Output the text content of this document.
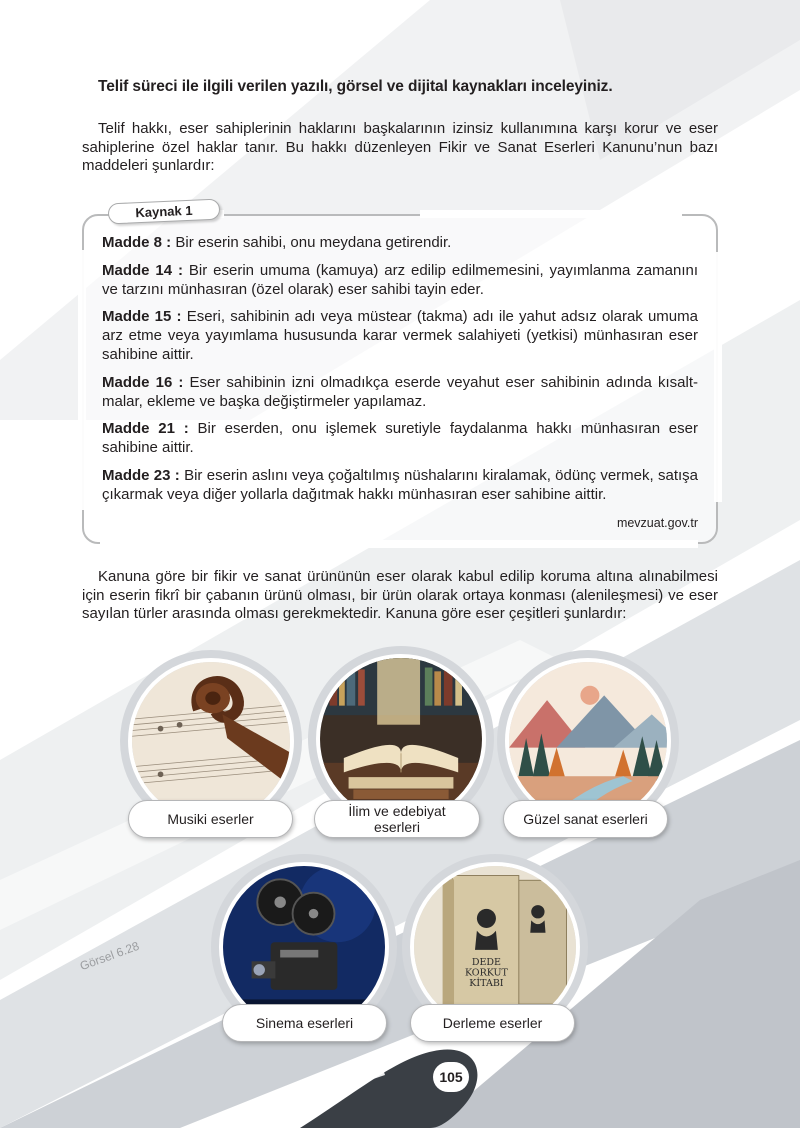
Telif süreci ile ilgili verilen yazılı, görsel ve dijital kaynakları inceleyiniz.
Telif hakkı, eser sahiplerinin haklarını başkalarının izinsiz kullanımına karşı korur ve eser sahiplerine özel haklar tanır. Bu hakkı düzenleyen Fikir ve Sanat Eserleri Kanunu’nun bazı maddeleri şunlardır:
Kaynak 1
Madde 8 : Bir eserin sahibi, onu meydana getirendir.
Madde 14 : Bir eserin umuma (kamuya) arz edilip edilmemesini, yayımlanma zamanını ve tarzını münhasıran (özel olarak) eser sahibi tayin eder.
Madde 15 : Eseri, sahibinin adı veya müstear (takma) adı ile yahut adsız olarak umuma arz etme veya yayımlama hususunda karar vermek salahiyeti (yetkisi) münhasıran eser sahibine aittir.
Madde 16 : Eser sahibinin izni olmadıkça eserde veyahut eser sahibinin adında kısaltmalar, ekleme ve başka değiştirmeler yapılamaz.
Madde 21 : Bir eserden, onu işlemek suretiyle faydalanma hakkı münhasıran eser sahibine aittir.
Madde 23 : Bir eserin aslını veya çoğaltılmış nüshalarını kiralamak, ödünç vermek, satışa çıkarmak veya diğer yollarla dağıtmak hakkı münhasıran eser sahibine aittir.
mevzuat.gov.tr
Kanuna göre bir fikir ve sanat ürününün eser olarak kabul edilip koruma altına alınabilmesi için eserin fikrî bir çabanın ürünü olması, bir ürün olarak ortaya konması (alenileşmesi) ve eser sayılan türler arasında olması gerekmektedir. Kanuna göre eser çeşitleri şunlardır:
Musiki eserler	İlim ve edebiyat eserleri	Güzel sanat eserleri
Sinema eserleri
DEDE
KORKUT
KİTABI
Derleme eserler
Görsel 6.28
105
